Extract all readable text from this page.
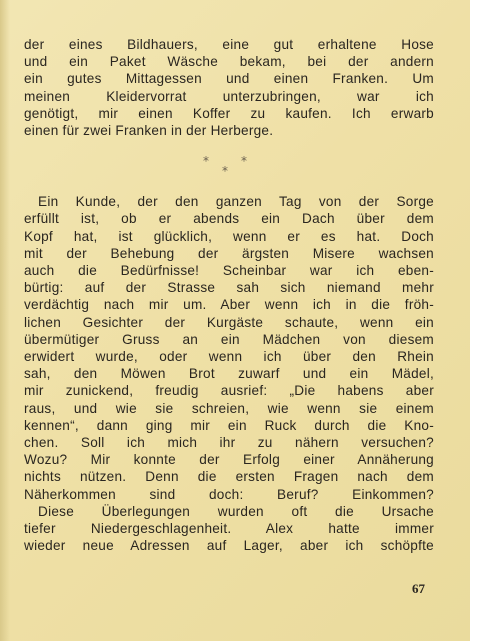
der eines Bildhauers, eine gut erhaltene Hose
und ein Paket Wäsche bekam, bei der andern
ein gutes Mittagessen und einen Franken. Um
meinen Kleidervorrat unterzubringen, war ich
genötigt, mir einen Koffer zu kaufen. Ich erwarb
einen für zwei Franken in der Herberge.
*	*
*
Ein Kunde, der den ganzen Tag von der Sorge
erfüllt ist, ob er abends ein Dach über dem
Kopf hat, ist glücklich, wenn er es hat. Doch
mit der Behebung der ärgsten Misere wachsen
auch die Bedürfnisse! Scheinbar war ich eben-
bürtig: auf der Strasse sah sich niemand mehr
verdächtig nach mir um. Aber wenn ich in die fröh-
lichen Gesichter der Kurgäste schaute, wenn ein
übermütiger Gruss an ein Mädchen von diesem
erwidert wurde, oder wenn ich über den Rhein
sah, den Möwen Brot zuwarf und ein Mädel,
mir zunickend, freudig ausrief: „Die habens aber
raus, und wie sie schreien, wie wenn sie einem
kennen“, dann ging mir ein Ruck durch die Kno-
chen. Soll ich mich ihr zu nähern versuchen?
Wozu? Mir konnte der Erfolg einer Annäherung
nichts nützen. Denn die ersten Fragen nach dem
Näherkommen sind doch: Beruf? Einkommen?
Diese Überlegungen wurden oft die Ursache
tiefer Niedergeschlagenheit. Alex hatte immer
wieder neue Adressen auf Lager, aber ich schöpfte
67
